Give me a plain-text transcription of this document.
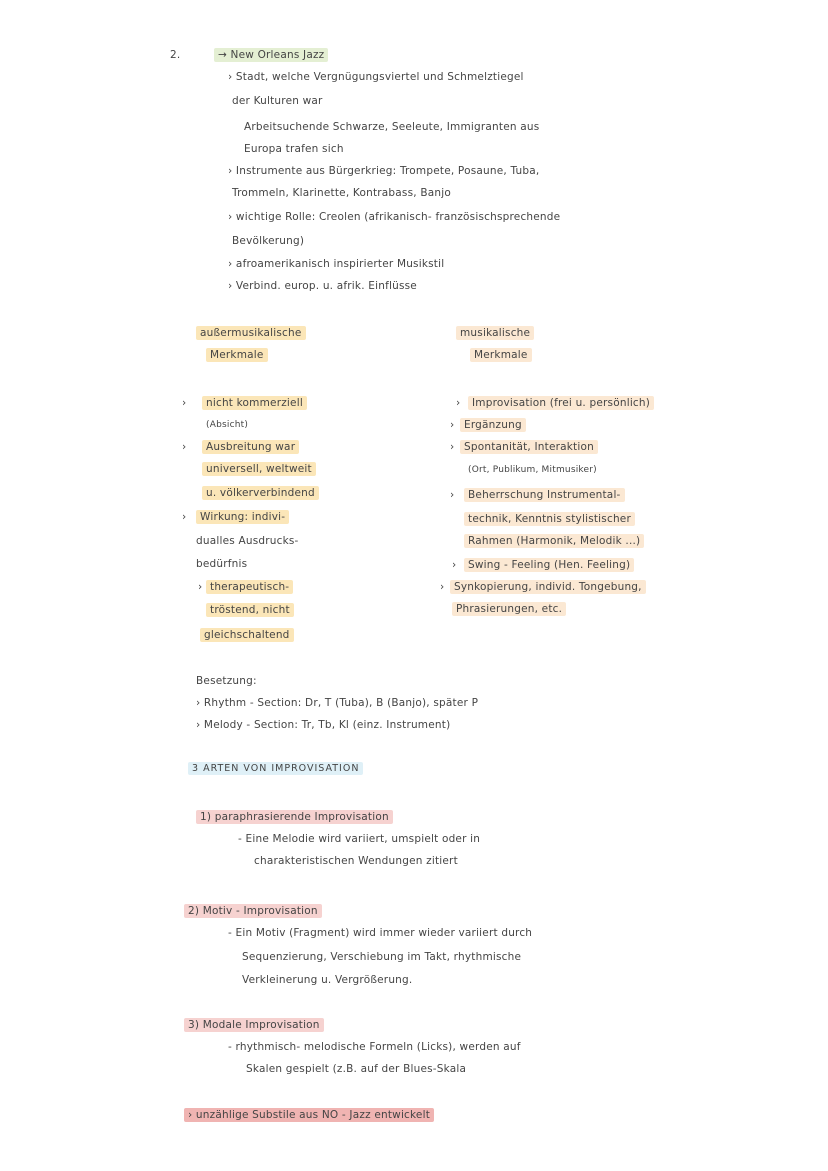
2.	→ New Orleans Jazz
› Stadt, welche Vergnügungsviertel und Schmelztiegel
der Kulturen war
Arbeitsuchende Schwarze, Seeleute, Immigranten aus
Europa trafen sich
› Instrumente aus Bürgerkrieg: Trompete, Posaune, Tuba,
Trommeln, Klarinette, Kontrabass, Banjo
› wichtige Rolle: Creolen (afrikanisch- französischsprechende
Bevölkerung)
› afroamerikanisch inspirierter Musikstil
› Verbind. europ. u. afrik. Einflüsse
außermusikalische
Merkmale
›	nicht kommerziell
(Absicht)
›	Ausbreitung war
universell, weltweit
u. völkerverbindend
›	Wirkung: indivi-
dualles Ausdrucks-
bedürfnis
› therapeutisch-
tröstend, nicht
gleichschaltend
musikalische
Merkmale
›	Improvisation (frei u. persönlich)
› Ergänzung
› Spontanität, Interaktion
(Ort, Publikum, Mitmusiker)
›	Beherrschung Instrumental-
technik, Kenntnis stylistischer
Rahmen (Harmonik, Melodik ...)
›	Swing - Feeling (Hen. Feeling)
› Synkopierung, individ. Tongebung,
Phrasierungen, etc.
Besetzung:
› Rhythm - Section: Dr, T (Tuba), B (Banjo), später P
› Melody - Section: Tr, Tb, Kl (einz. Instrument)
3 ARTEN VON IMPROVISATION
1) paraphrasierende Improvisation
- Eine Melodie wird variiert, umspielt oder in
charakteristischen Wendungen zitiert
2) Motiv - Improvisation
- Ein Motiv (Fragment) wird immer wieder variiert durch
Sequenzierung, Verschiebung im Takt, rhythmische
Verkleinerung u. Vergrößerung.
3) Modale Improvisation
- rhythmisch- melodische Formeln (Licks), werden auf
Skalen gespielt (z.B. auf der Blues-Skala
› unzählige Substile aus NO - Jazz entwickelt
